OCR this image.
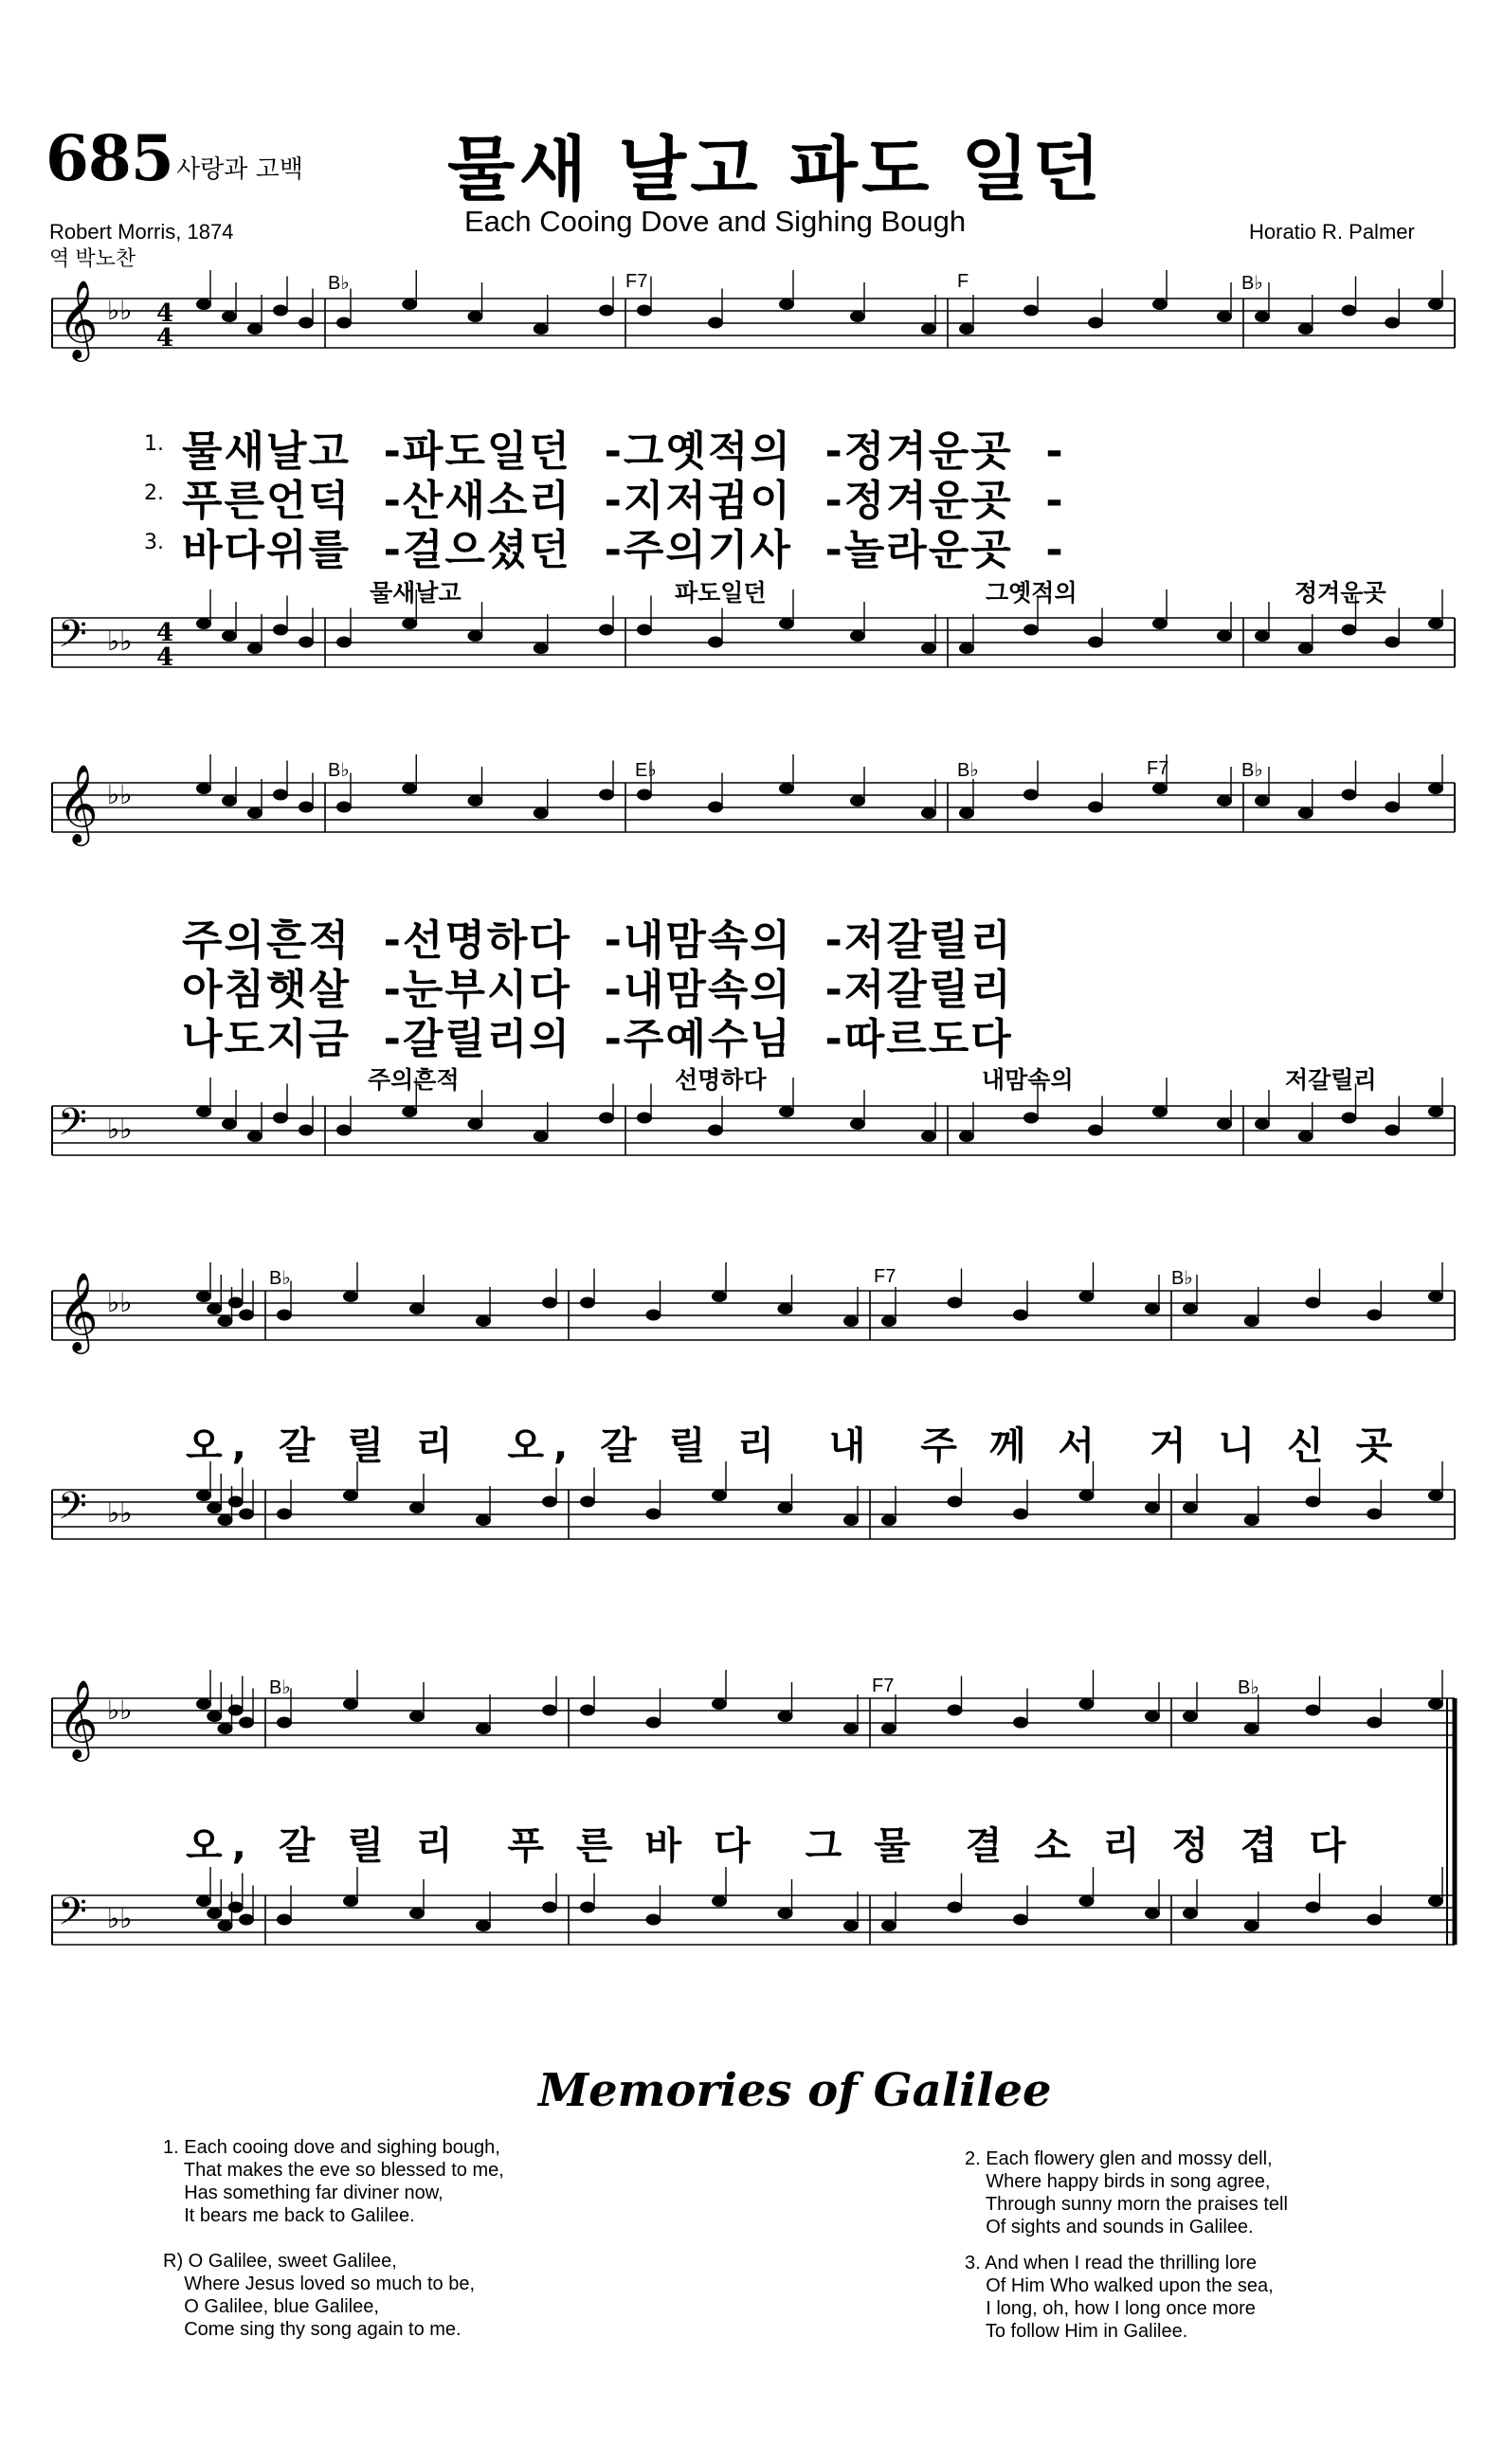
685 사랑과 고백 물새 날고 파도 일던
Each Cooing Dove and Sighing Bough
Robert Morris, 1874
역 박노찬
Horatio R. Palmer
𝄞 ♭♭ 4
4
𝄢 ♭♭ 4
4
𝄞 ♭♭
𝄢 ♭♭
𝄞 ♭♭
𝄢 ♭♭
𝄞 ♭♭
𝄢 ♭♭
B♭	F7	F	B♭
1. 물새날고  -파도일던  -그옛적의  -정겨운곳  -
2. 푸른언덕  -산새소리  -지저귐이  -정겨운곳  -
3. 바다위를  -걸으셨던  -주의기사  -놀라운곳  -
물새날고	파도일던	그옛적의	정겨운곳
B♭	E♭	B♭	F7	B♭
주의흔적  -선명하다  -내맘속의  -저갈릴리
아침햇살  -눈부시다  -내맘속의  -저갈릴리
나도지금  -갈릴리의  -주예수님  -따르도다
주의흔적	선명하다	내맘속의	저갈릴리
B♭	F7	B♭
오, 갈 릴 리  오, 갈 릴 리  내  주 께 서  거 니 신 곳
B♭	F7	B♭
오, 갈 릴 리  푸 른 바 다  그 물  결 소 리 정 겹 다
Memories of Galilee
1. Each cooing dove and sighing bough,
That makes the eve so blessed to me,
Has something far diviner now,
It bears me back to Galilee.
R) O Galilee, sweet Galilee,
Where Jesus loved so much to be,
O Galilee, blue Galilee,
Come sing thy song again to me.
2. Each flowery glen and mossy dell,
Where happy birds in song agree,
Through sunny morn the praises tell
Of sights and sounds in Galilee.
3. And when I read the thrilling lore
Of Him Who walked upon the sea,
I long, oh, how I long once more
To follow Him in Galilee.
